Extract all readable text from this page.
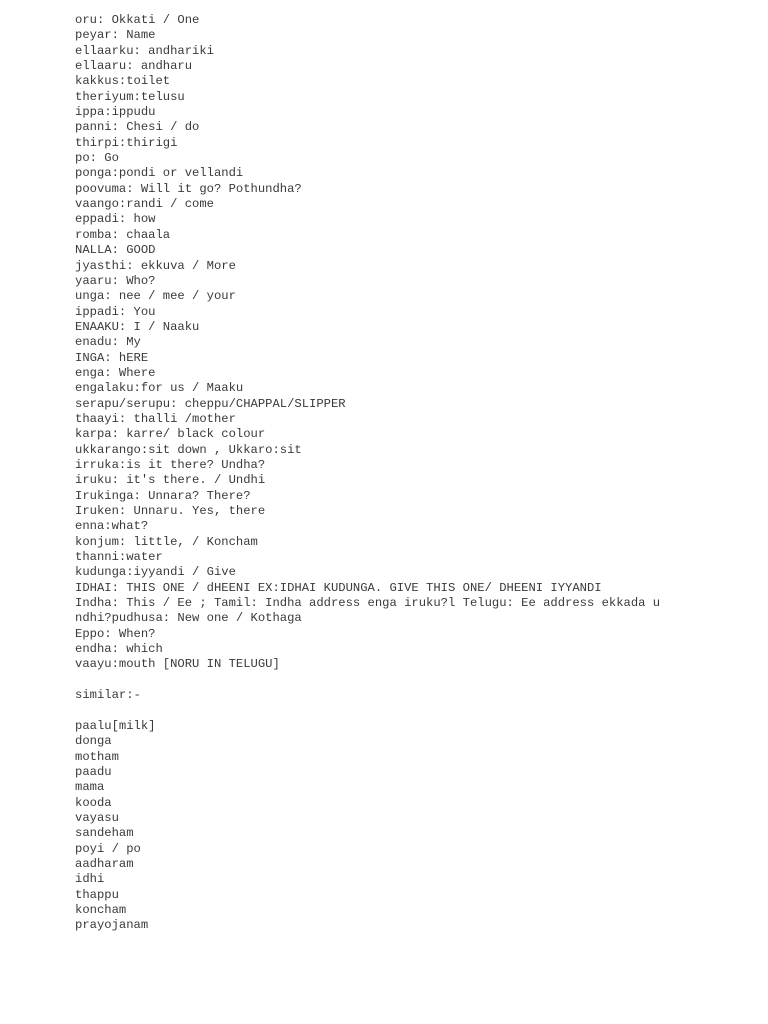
oru: Okkati / One
peyar: Name
ellaarku: andhariki
ellaaru: andharu
kakkus:toilet
theriyum:telusu
ippa:ippudu
panni: Chesi / do
thirpi:thirigi
po: Go
ponga:pondi or vellandi
poovuma: Will it go? Pothundha?
vaango:randi / come
eppadi: how
romba: chaala
NALLA: GOOD
jyasthi: ekkuva / More
yaaru: Who?
unga: nee / mee / your
ippadi: You
ENAAKU: I / Naaku
enadu: My
INGA: hERE
enga: Where
engalaku:for us / Maaku
serapu/serupu: cheppu/CHAPPAL/SLIPPER
thaayi: thalli /mother
karpa: karre/ black colour
ukkarango:sit down , Ukkaro:sit
irruka:is it there? Undha?
iruku: it's there. / Undhi
Irukinga: Unnara? There?
Iruken: Unnaru. Yes, there
enna:what?
konjum: little, / Koncham
thanni:water
kudunga:iyyandi / Give
IDHAI: THIS ONE / dHEENI EX:IDHAI KUDUNGA. GIVE THIS ONE/ DHEENI IYYANDI
Indha: This / Ee ; Tamil: Indha address enga iruku?l Telugu: Ee address ekkada u
ndhi?pudhusa: New one / Kothaga
Eppo: When?
endha: which
vaayu:mouth [NORU IN TELUGU]
similar:-
paalu[milk]
donga
motham
paadu
mama
kooda
vayasu
sandeham
poyi / po
aadharam
idhi
thappu
koncham
prayojanam
